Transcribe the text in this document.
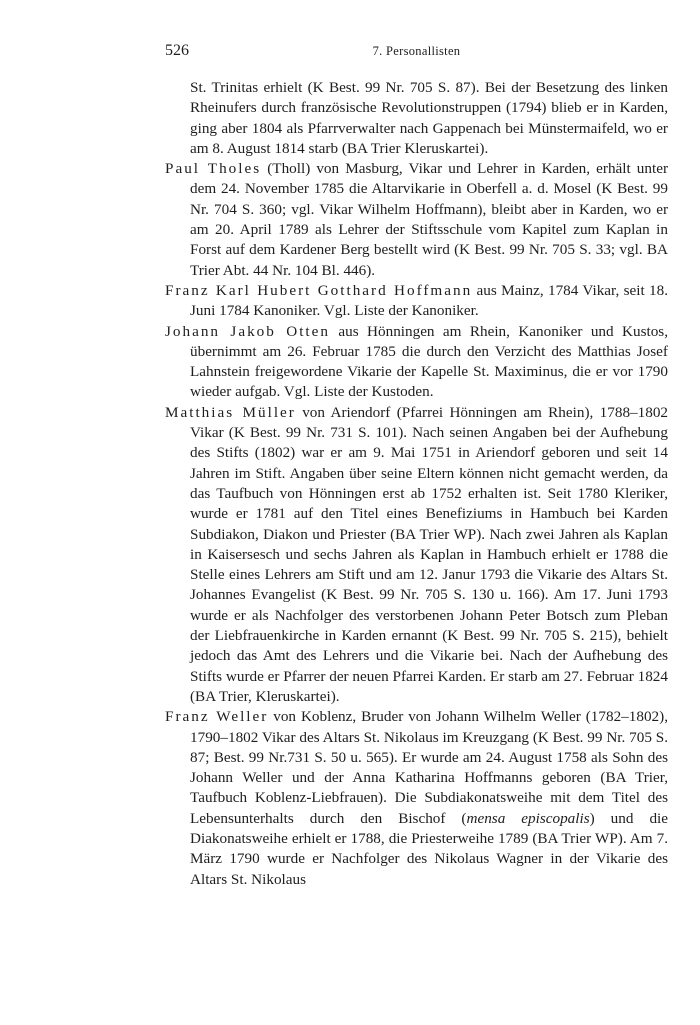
526	7. Personallisten

St. Trinitas erhielt (K Best. 99 Nr. 705 S. 87). Bei der Besetzung des linken Rheinufers durch französische Revolutionstruppen (1794) blieb er in Karden, ging aber 1804 als Pfarrverwalter nach Gappenach bei Münstermaifeld, wo er am 8. August 1814 starb (BA Trier Kleruskartei).

Paul Tholes (Tholl) von Masburg, Vikar und Lehrer in Karden, erhält unter dem 24. November 1785 die Altarvikarie in Oberfell a. d. Mosel (K Best. 99 Nr. 704 S. 360; vgl. Vikar Wilhelm Hoffmann), bleibt aber in Karden, wo er am 20. April 1789 als Lehrer der Stiftsschule vom Kapitel zum Kaplan in Forst auf dem Kardener Berg bestellt wird (K Best. 99 Nr. 705 S. 33; vgl. BA Trier Abt. 44 Nr. 104 Bl. 446).

Franz Karl Hubert Gotthard Hoffmann aus Mainz, 1784 Vikar, seit 18. Juni 1784 Kanoniker. Vgl. Liste der Kanoniker.

Johann Jakob Otten aus Hönningen am Rhein, Kanoniker und Kustos, übernimmt am 26. Februar 1785 die durch den Verzicht des Matthias Josef Lahnstein freigewordene Vikarie der Kapelle St. Maximinus, die er vor 1790 wieder aufgab. Vgl. Liste der Kustoden.

Matthias Müller von Ariendorf (Pfarrei Hönningen am Rhein), 1788–1802 Vikar (K Best. 99 Nr. 731 S. 101). Nach seinen Angaben bei der Aufhebung des Stifts (1802) war er am 9. Mai 1751 in Ariendorf geboren und seit 14 Jahren im Stift. Angaben über seine Eltern können nicht gemacht werden, da das Taufbuch von Hönningen erst ab 1752 erhalten ist. Seit 1780 Kleriker, wurde er 1781 auf den Titel eines Benefiziums in Hambuch bei Karden Subdiakon, Diakon und Priester (BA Trier WP). Nach zwei Jahren als Kaplan in Kaisersesch und sechs Jahren als Kaplan in Hambuch erhielt er 1788 die Stelle eines Lehrers am Stift und am 12. Janur 1793 die Vikarie des Altars St. Johannes Evangelist (K Best. 99 Nr. 705 S. 130 u. 166). Am 17. Juni 1793 wurde er als Nachfolger des verstorbenen Johann Peter Botsch zum Pleban der Liebfrauenkirche in Karden ernannt (K Best. 99 Nr. 705 S. 215), behielt jedoch das Amt des Lehrers und die Vikarie bei. Nach der Aufhebung des Stifts wurde er Pfarrer der neuen Pfarrei Karden. Er starb am 27. Februar 1824 (BA Trier, Kleruskartei).

Franz Weller von Koblenz, Bruder von Johann Wilhelm Weller (1782–1802), 1790–1802 Vikar des Altars St. Nikolaus im Kreuzgang (K Best. 99 Nr. 705 S. 87; Best. 99 Nr.731 S. 50 u. 565). Er wurde am 24. August 1758 als Sohn des Johann Weller und der Anna Katharina Hoffmanns geboren (BA Trier, Taufbuch Koblenz-Liebfrauen). Die Subdiakonatsweihe mit dem Titel des Lebensunterhalts durch den Bischof (mensa episcopalis) und die Diakonatsweihe erhielt er 1788, die Priesterweihe 1789 (BA Trier WP). Am 7. März 1790 wurde er Nachfolger des Nikolaus Wagner in der Vikarie des Altars St. Nikolaus
